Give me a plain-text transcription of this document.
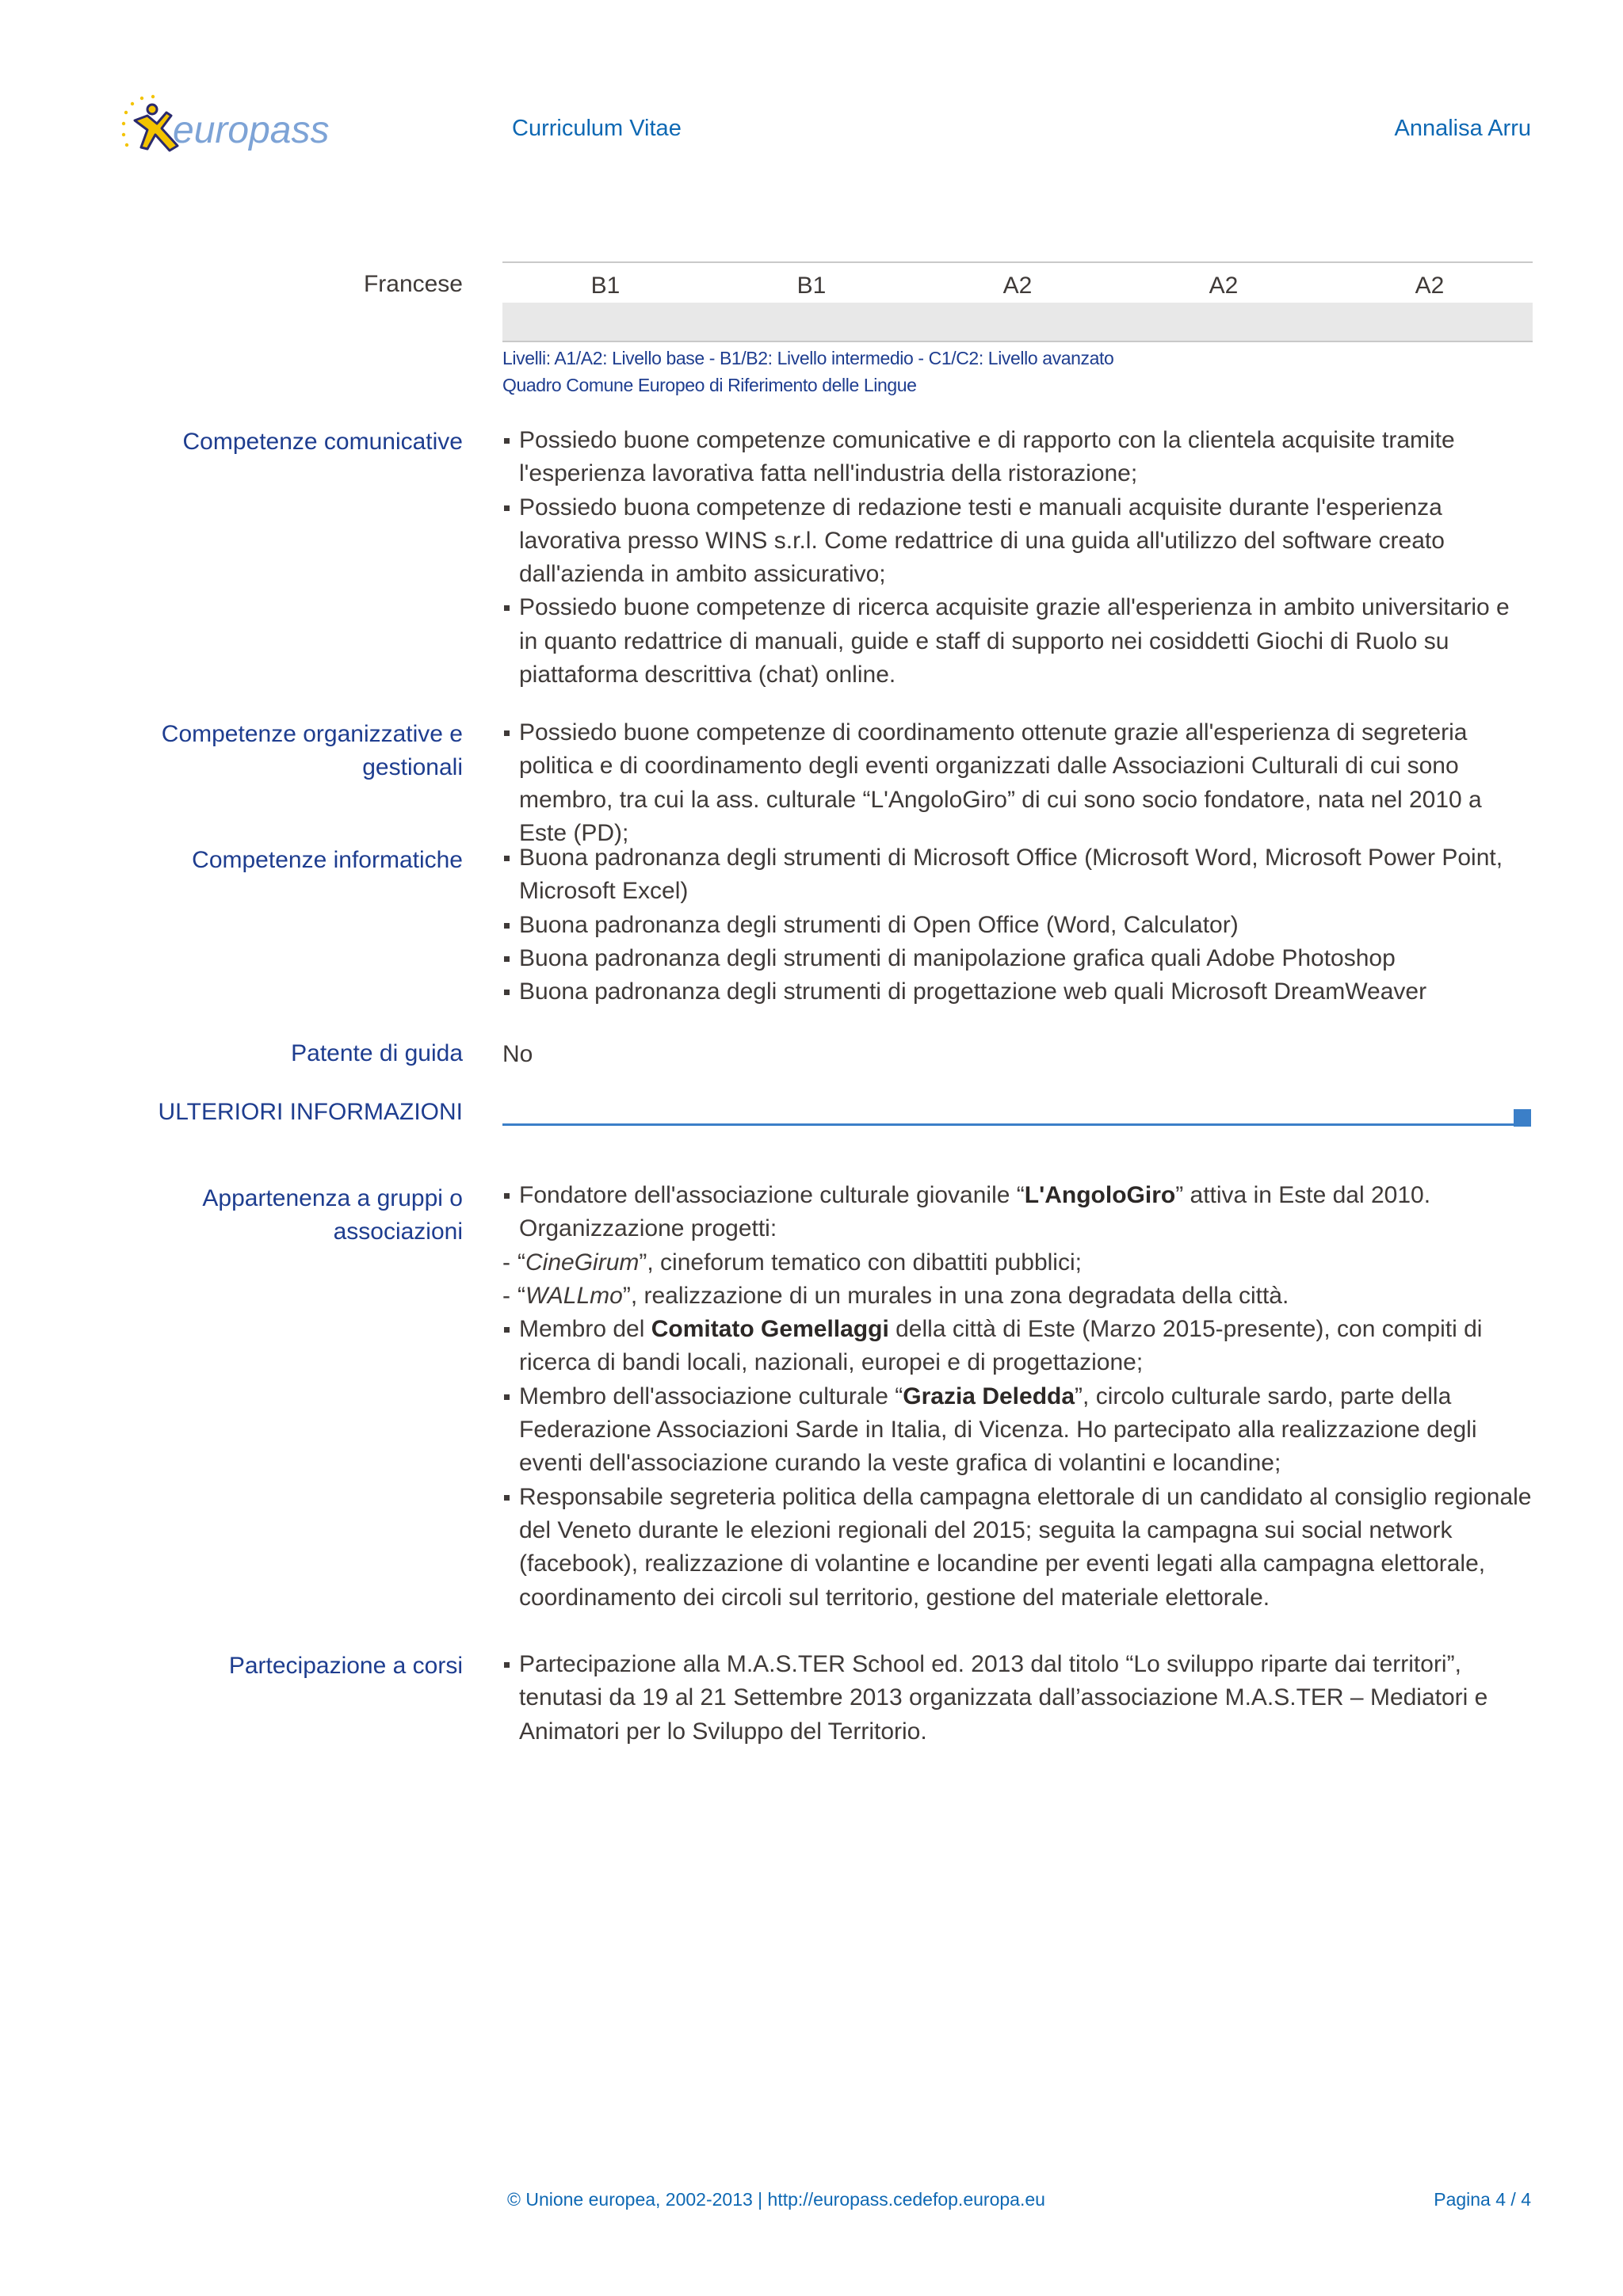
europass	Curriculum Vitae	Annalisa Arru
Francese	B1	B1	A2	A2	A2
Livelli: A1/A2: Livello base - B1/B2: Livello intermedio - C1/C2: Livello avanzato
Quadro Comune Europeo di Riferimento delle Lingue
Competenze comunicative	Possiedo buone competenze comunicative e di rapporto con la clientela acquisite tramite l'esperienza lavorativa fatta nell'industria della ristorazione;
Possiedo buona competenze di redazione testi e manuali acquisite durante l'esperienza lavorativa presso WINS s.r.l. Come redattrice di una guida all'utilizzo del software creato dall'azienda in ambito assicurativo;
Possiedo buone competenze di ricerca acquisite grazie all'esperienza in ambito universitario e in quanto redattrice di manuali, guide e staff di supporto nei cosiddetti Giochi di Ruolo su piattaforma descrittiva (chat) online.
Competenze organizzative e
gestionali
Possiedo buone competenze di coordinamento ottenute grazie all'esperienza di segreteria politica e di coordinamento degli eventi organizzati dalle Associazioni Culturali di cui sono membro, tra cui la ass. culturale “L'AngoloGiro” di cui sono socio fondatore, nata nel 2010 a Este (PD);
Competenze informatiche	Buona padronanza degli strumenti di Microsoft Office (Microsoft Word, Microsoft Power Point, Microsoft Excel)
Buona padronanza degli strumenti di Open Office (Word, Calculator)
Buona padronanza degli strumenti di manipolazione grafica quali Adobe Photoshop
Buona padronanza degli strumenti di progettazione web quali Microsoft DreamWeaver
Patente di guida No
ULTERIORI INFORMAZIONI
Appartenenza a gruppi o
associazioni
Fondatore dell'associazione culturale giovanile “L'AngoloGiro” attiva in Este dal 2010. Organizzazione progetti:
- “CineGirum”, cineforum tematico con dibattiti pubblici;
- “WALLmo”, realizzazione di un murales in una zona degradata della città.
Membro del Comitato Gemellaggi della città di Este (Marzo 2015-presente), con compiti di ricerca di bandi locali, nazionali, europei e di progettazione;
Membro dell'associazione culturale “Grazia Deledda”, circolo culturale sardo, parte della Federazione Associazioni Sarde in Italia, di Vicenza. Ho partecipato alla realizzazione degli eventi dell'associazione curando la veste grafica di volantini e locandine;
Responsabile segreteria politica della campagna elettorale di un candidato al consiglio regionale del Veneto durante le elezioni regionali del 2015; seguita la campagna sui social network (facebook), realizzazione di volantine e locandine per eventi legati alla campagna elettorale, coordinamento dei circoli sul territorio, gestione del materiale elettorale.
Partecipazione a corsi	Partecipazione alla M.A.S.TER School ed. 2013 dal titolo “Lo sviluppo riparte dai territori”, tenutasi da 19 al 21 Settembre 2013 organizzata dall’associazione M.A.S.TER – Mediatori e Animatori per lo Sviluppo del Territorio.
© Unione europea, 2002-2013 | http://europass.cedefop.europa.eu	Pagina 4 / 4
